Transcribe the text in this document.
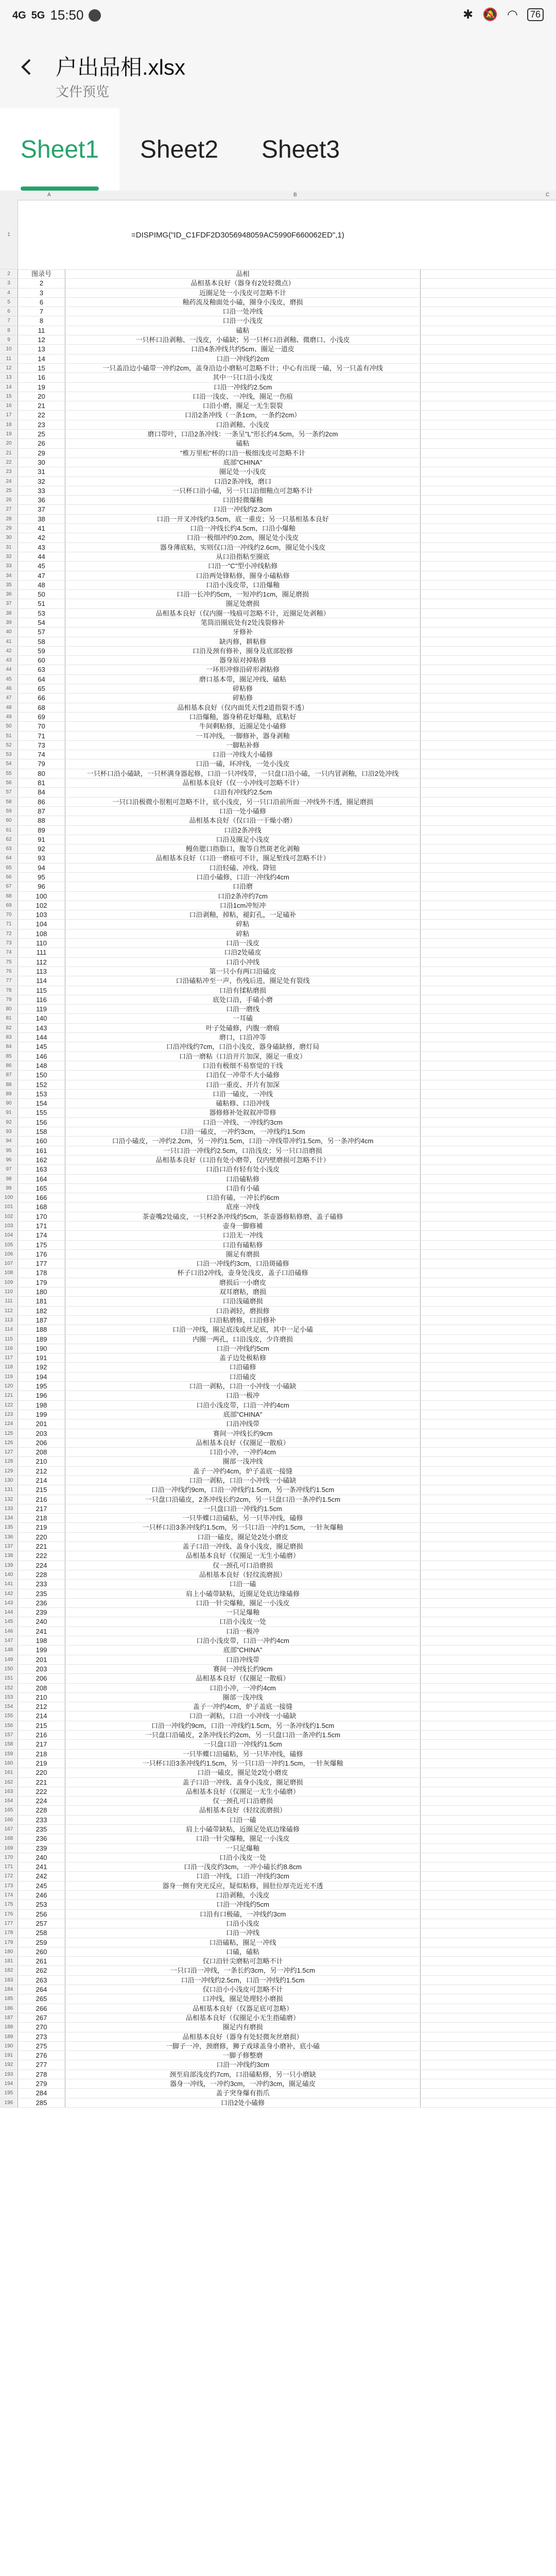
4G 5G 15:50	✱ 🔕 ◠	76
户出品相.xlsx
文件预览
Sheet1	Sheet2	Sheet3
A	B	C
1
2
3
4
5
6
7
8
9
10
11
12
13
14
15
16
17
18
19
20
21
22
23
24
25
26
27
28
29
30
31
32
33
34
35
36
37
38
39
40
41
42
43
44
45
46
47
48
49
50
51
52
53
54
55
56
57
58
59
60
61
62
63
64
65
66
67
68
69
70
71
72
73
74
75
76
77
78
79
80
81
82
83
84
85
86
87
88
89
90
91
92
93
94
95
96
97
98
99
100
101
102
103
104
105
106
107
108
109
110
111
112
113
114
115
116
117
118
119
120
121
122
123
124
125
126
127
128
129
130
131
132
133
134
135
136
137
138
139
140
141
142
143
144
145
146
147
148
149
150
151
152
153
154
155
156
157
158
159
160
161
162
163
164
165
166
167
168
169
170
171
172
173
174
175
176
177
178
179
180
181
182
183
184
185
186
187
188
189
190
191
192
193
194
195
196
=DISPIMG("ID_C1FDF2D3056948059AC5990F660062ED",1)
图录号	品相
2	品相基本良好（器身有2处轻微点）
3	近圈足处一小浅皮可忽略不计
6	釉药流及釉面处小磕，圈身小浅皮，磨损
7	口沿一处冲线
8	口沿一小浅皮
11	磕粘
12	一只杯口沿剥釉、一浅皮，小磕缺；另一只杯口沿剥釉、微磨口、小浅皮
13	口沿4条冲线共约5cm、圈足一道皮
14	口沿一冲线约2cm
15	一只盖沿边小磕带一冲约2cm，盖身沿边小磨粘可忽略不计；中心有出现一磕，另一只盖有冲线
16	其中一只口沿小浅皮
19	口沿一冲线约2.5cm
20	口沿一浅皮、一冲线，圈足一伤痕
21	口沿小磨，圈足一无生裂裂
22	口沿2条冲线（一条1cm，一条约2cm）
23	口沿剥釉、小浅皮
25	磨口带叶，口沿2条冲线：一条呈"L"形长约4.5cm，另一条约2cm
26	磕粘
29	"椎万里松"杯的口沿一极细浅皮可忽略不计
30	底部"CHINA"
31	圈足处一小浅皮
32	口沿2条冲线，磨口
33	一只杯口沿小磕，另一只口沿细釉点可忽略不计
36	口沿轻微爆釉
37	口沿一冲线约2.3cm
38	口沿一开叉冲线约3.5cm，底一重皮；另一只基相基本良好
41	口沿一冲线长约4.5cm，口沿小爆釉
42	口沿一极细冲约0.2cm，圈足处小浅皮
43	器身薄底粘，实则仅口沿一冲线约2.6cm，圈足处小浅皮
44	从口沿指粘至圈底
45	口沿一"C"型小冲线粘修
47	口沿两处锋粘修，圈身小磕粘修
48	口沿小浅皮带，口沿爆釉
50	口沿一长冲约5cm，一短冲约1cm，圈足磨损
51	圈足处磨损
53	品相基本良好（仅内圈一残痕可忽略不计，近圈足处剥釉）
54	笔筒沿圈底处有2处浅裂修补
57	牙修补
58	缺丙修，耕粘修
59	口沿及颈有修补，圈身及底部胶修
60	器身原对掉粘修
63	一环形冲修沿碎形剥粘修
64	磨口基本带，圈足冲线、磕粘
65	碎粘修
66	碎粘修
68	品相基本良好（仅内面凭天性2道指裂不透）
69	口沿爆釉，器身稍花好爆釉，底粘好
70	牛间剩粘修，近圈足处小磕修
71	一耳冲线，一脚修补，器身剥釉
73	一脚粘补修
74	口沿一冲线大小磕修
79	口沿一磕，环冲线，一处小浅皮
80	一只杯口沿小磕缺，一只杯满身器起修，口沿一只冲线带，一只盘口沿小磕，一只内冒剥釉，口沿2处冲线
81	品相基本良好（仅一小冲线可忽略不计）
84	口沿有冲线约2.5cm
86	一只口沿极微小很粗可忽略不计，底小浅皮，另一只口沿前所面一冲线外不透，圈足磨损
87	口沿一处小磕修
88	品相基本良好（仅口沿一干燥小磨）
89	口沿2条冲线
91	口沿及圈足小浅皮
92	鳗鱼腮口指脂口，腹等自然斑老化剥釉
93	品相基本良好（口沿一磨痕可不计，圈足堑线可忽略不计）
94	口沿轻磕、冲线、降钮
95	口沿小磕修，口沿一冲线约4cm
96	口沿磨
100	口沿2条冲约7cm
102	口沿1cm冲短冲
103	口沿剥釉，掉粘，褪釘孔，一足磕补
104	碎粘
108	碎粘
110	口沿一浅皮
111	口沿2处磕皮
112	口沿小冲线
113	第一只小有两口沿磕皮
114	口沿磕粘冲至一声，伤残后进，圈足处有裂线
115	口沿有揉粘磨损
116	底处口沿，手磕小磨
119	口沿一磨线
140	一耳磕
143	叶子处磕修，内腹一磨痕
144	磨口，口沿冲等
145	口沿冲线约7cm，口沿小浅皮，器身磕缺修，磨灯局
146	口沿一磨粘（口沿开片加深，圈足一重皮）
148	口沿有极细不易察觉的干线
150	口沿仅一冲带不大小磕修
152	口沿一重皮、开片有加深
153	口沿一磕皮，一冲线
154	磕粘修、口沿冲线
155	器修修补处叙叙冲带修
156	口沿一冲线、一冲线约3cm
158	口沿一磕皮，一冲约3cm，一冲线约1.5cm
160	口沿小磕皮，一冲约2.2cm，另一冲约1.5cm，口沿一冲线带冲约1.5cm，另一条冲约4cm
161	一只口沿一冲线约2.5cm，口沿浅皮；另一只口沿磨损
162	品相基本良好（口沿有处小磨带，仅内壁磨损可忽略不计）
163	口沿口沿有轻有处小浅皮
164	口沿磕粘修
165	口沿有小磕
166	口沿有磕，一冲长约6cm
168	底座一冲线
170	茶壶嘴2处磕皮，一只杯2条冲线约5cm，茶壶器修粘修磨，盖子磕修
171	壶身一脚修補
174	口沿无一冲线
175	口沿有磕粘修
176	圈足有磨损
177	口沿一冲线约3cm，口沿斑磕修
178	杯子口沿2冲线，壶身处浅皮，盖子口沿磕修
179	磨损后一小磨皮
180	双耳磨粘，磨损
181	口沿浅磕磨损
182	口沿剥轻，磨损修
187	口沿粘磨修，口沿修补
188	口沿一冲线，圈足底浅或丝足底，其中一足小磕
189	内圈一两孔，口沿浅皮，少许磨损
190	口沿一冲线约5cm
191	盖子边处极粘修
192	口沿磕修
194	口沿磕皮
195	口沿一剥粘，口沿一小冲线一小磕缺
196	口沿一极冲
198	口沿小浅皮带，口沿一冲约4cm
199	底部"CHINA"
201	口沿冲线带
203	赛间一冲线长约9cm
206	品相基本良好（仅圈足一散痕）
208	口沿小冲，一冲约4cm
210	圈部一浅冲线
212	盖子一冲约4cm，炉子盖底一接缝
214	口沿一剥粘，口沿一小冲线一小磕缺
215	口沿一冲线约9cm，口沿一冲线约1.5cm，另一条冲线约1.5cm
216	一只盘口沿磕皮，2条冲线长约2cm，另一只盘口沿一条冲约1.5cm
217	一只盘口沿一冲线约1.5cm
218	一只毕蝶口沿磕粘，另一只毕冲线，磕修
219	一只杯口沿3条冲线约1.5cm，另一只口沿一冲约1.5cm，一针灰爆釉
220	口沿一磕皮，圈足处2处小磨皮
221	盖子口沿一冲线、盖身小浅皮，圈足磨损
222	品相基本良好（仅圈足一无生小磕磨）
224	仅一颈孔可口沿磨损
228	品相基本良好（轻纹流磨损）
233	口沿一磕
235	肩上小磕带缺粘，近圈足处底边缘磕修
236	口沿一针尖爆釉，圈足一小浅皮
239	一只足爆釉
240	口沿小浅皮一处
241	口沿一极冲
198	口沿小浅皮带，口沿一冲约4cm
199	底部"CHINA"
201	口沿冲线带
203	赛间一冲线长约9cm
206	品相基本良好（仅圈足一散痕）
208	口沿小冲，一冲约4cm
210	圈部一浅冲线
212	盖子一冲约4cm，炉子盖底一接缝
214	口沿一剥粘，口沿一小冲线一小磕缺
215	口沿一冲线约9cm，口沿一冲线约1.5cm，另一条冲线约1.5cm
216	一只盘口沿磕皮，2条冲线长约2cm，另一只盘口沿一条冲约1.5cm
217	一只盘口沿一冲线约1.5cm
218	一只毕蝶口沿磕粘，另一只毕冲线，磕修
219	一只杯口沿3条冲线约1.5cm，另一只口沿一冲约1.5cm，一针灰爆釉
220	口沿一磕皮，圈足处2处小磨皮
221	盖子口沿一冲线、盖身小浅皮，圈足磨损
222	品相基本良好（仅圈足一无生小磕磨）
224	仅一颈孔可口沿磨损
228	品相基本良好（轻纹流磨损）
233	口沿一磕
235	肩上小磕带缺粘，近圈足处底边缘磕修
236	口沿一针尖爆釉，圈足一小浅皮
239	一只足爆釉
240	口沿小浅皮一处
241	口沿一浅皮约3cm，一冲小磕长约8.8cm
242	口沿一冲线，口沿一冲线约3cm
245	器身一侧有突光反应，疑似粘修，圆肚位厚壳近光不透
246	口沿剥釉，小浅皮
253	口沿一冲线约5cm
256	口沿有口极磕，一冲线约3cm
257	口沿小浅皮
258	口沿一冲线
259	口沿磕粘，圈足一冲线
260	口磕，磕粘
261	仅口沿针尖磨粘可忽略不计
262	一只口沿一冲线，一条长约3cm，另一冲约1.5cm
263	口沿一冲线约2.5cm，口沿一冲线约1.5cm
264	仅口沿小小浅皮可忽略不计
265	口冲线，圈足处理轻小磨损
266	品相基本良好（仅器足底可忽略）
267	品相基本良好（仅圈足小无生指磕磨）
270	圈足内有磨损
273	品相基本良好（器身有处轻微灰丝磨损）
275	一脚子一冲，颈磨修，狮子戏球盖身小磨补，底小磕
276	一脚子修整磨
277	口沿一冲线约3cm
278	颈至肩部浅皮约7cm，口沿磕粘修，另一只小磨缺
279	器身一冲线，一冲约3cm，一冲约3cm，圈足磕皮
284	盖子突身爆有指爪
285	口沿2处小磕修
